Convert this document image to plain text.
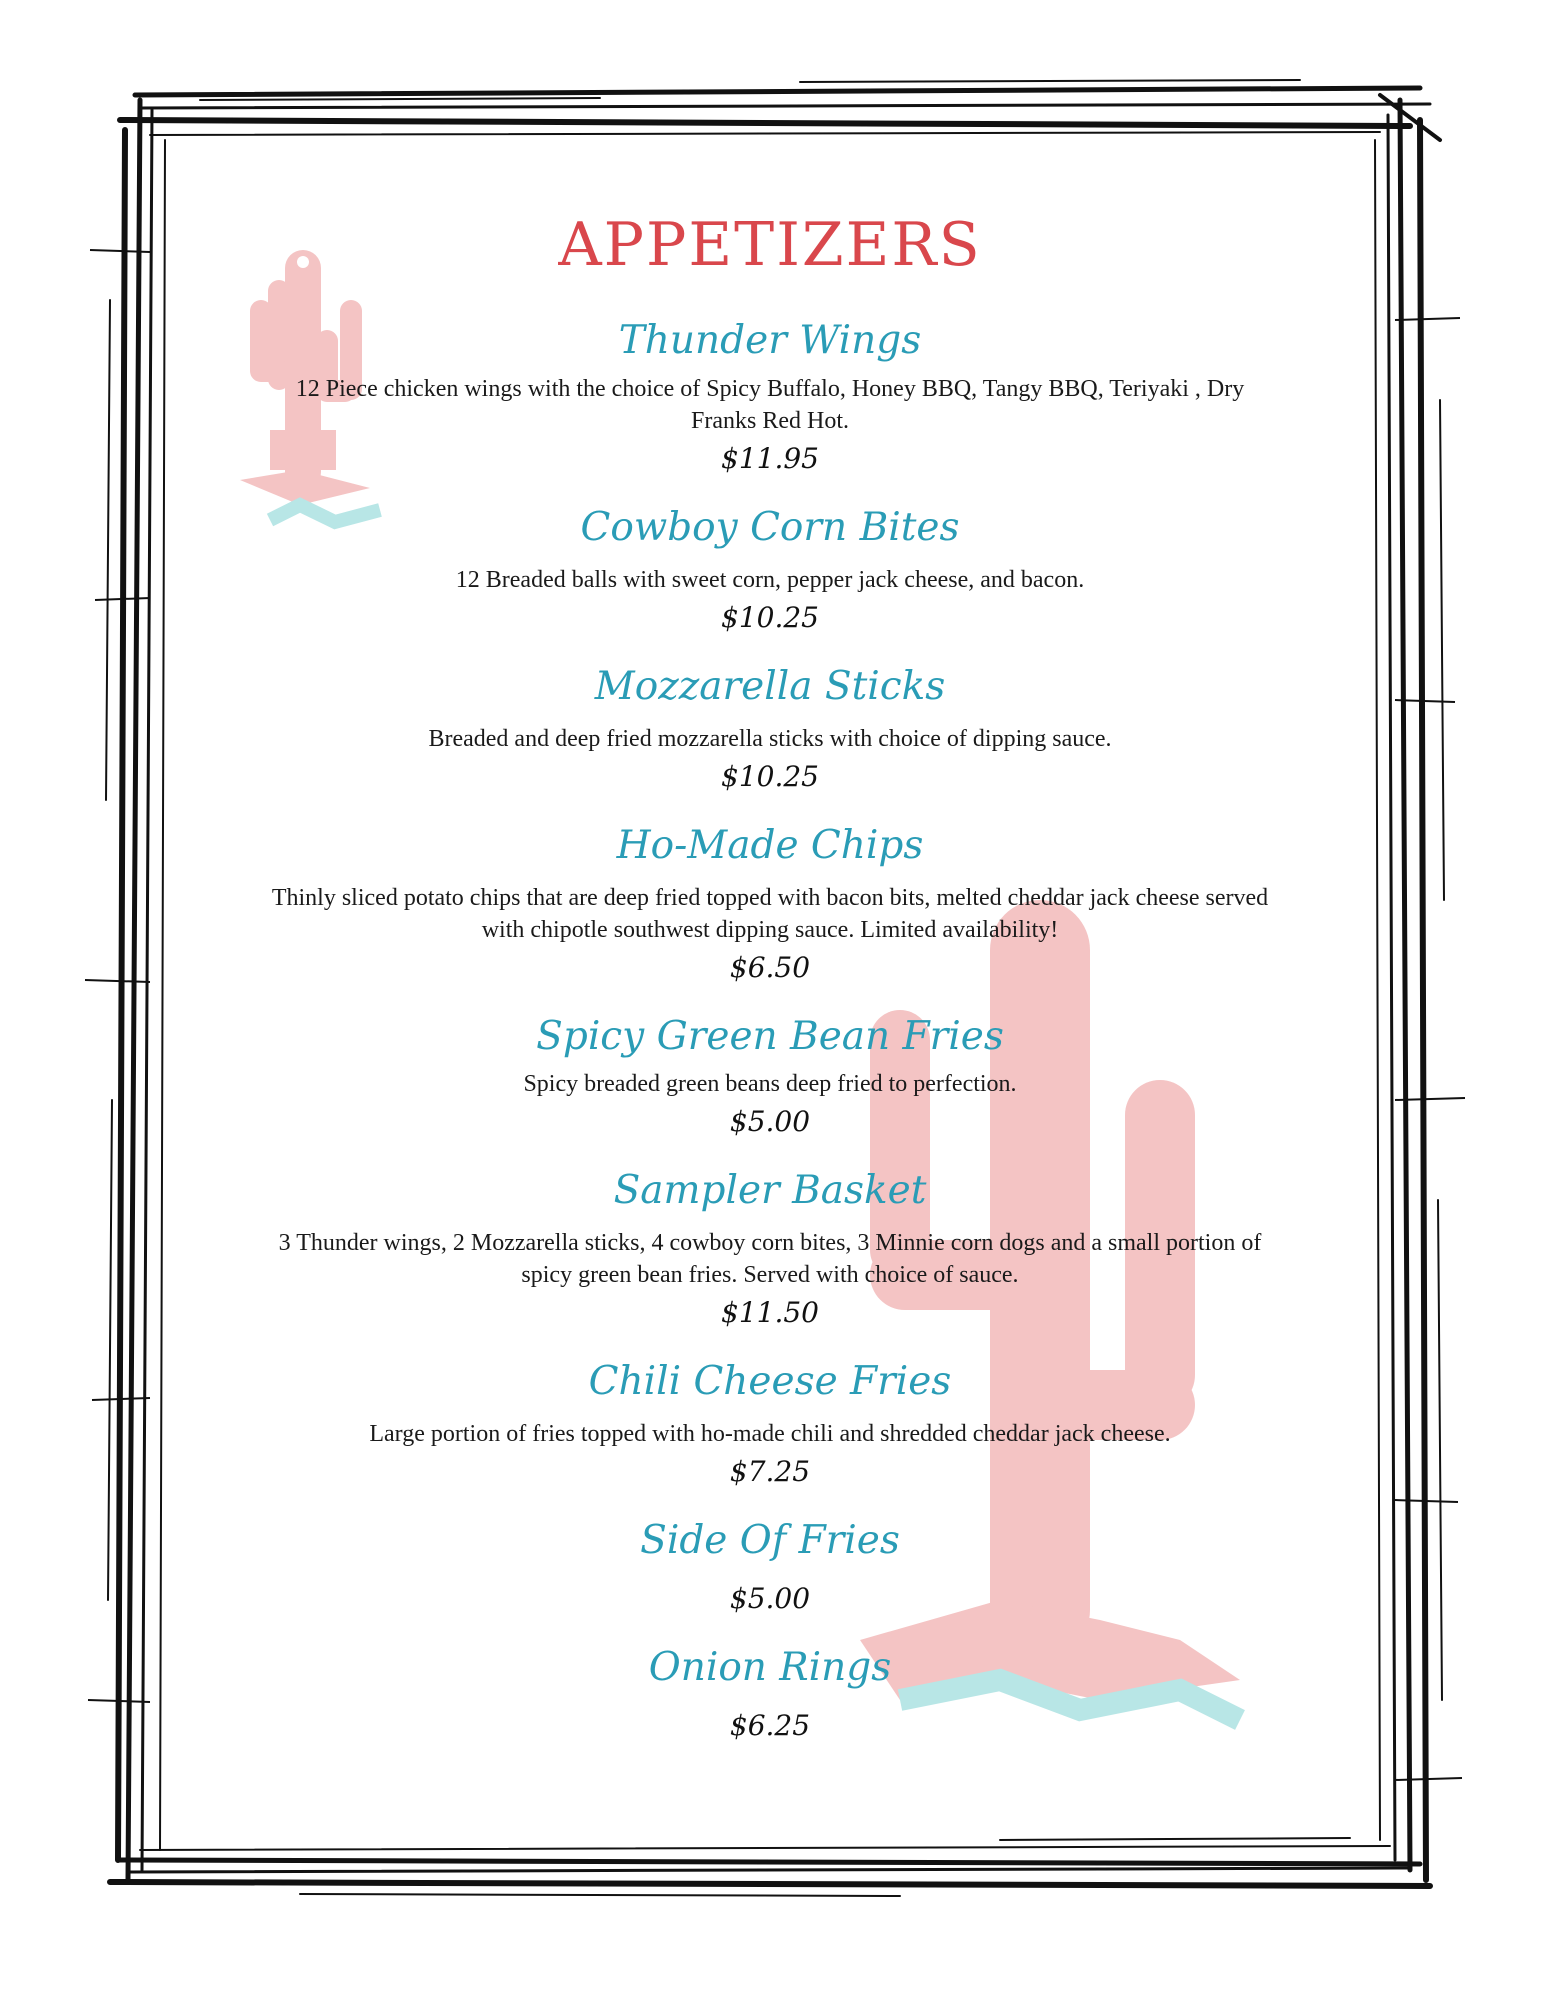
APPETIZERS
Thunder Wings
12 Piece chicken wings with the choice of Spicy Buffalo, Honey BBQ, Tangy BBQ, Teriyaki , Dry Franks Red Hot.
$11.95
Cowboy Corn Bites
12 Breaded balls with sweet corn, pepper jack cheese, and bacon.
$10.25
Mozzarella Sticks
Breaded and deep fried mozzarella sticks with choice of dipping sauce.
$10.25
Ho-Made Chips
Thinly sliced potato chips that are deep fried topped with bacon bits, melted cheddar jack cheese served with chipotle southwest dipping sauce. Limited availability!
$6.50
Spicy Green Bean Fries
Spicy breaded green beans deep fried to perfection.
$5.00
Sampler Basket
3 Thunder wings, 2 Mozzarella sticks, 4 cowboy corn bites, 3 Minnie corn dogs and a small portion of spicy green bean fries. Served with choice of sauce.
$11.50
Chili Cheese Fries
Large portion of fries topped with ho-made chili and shredded cheddar jack cheese.
$7.25
Side Of Fries
$5.00
Onion Rings
$6.25
